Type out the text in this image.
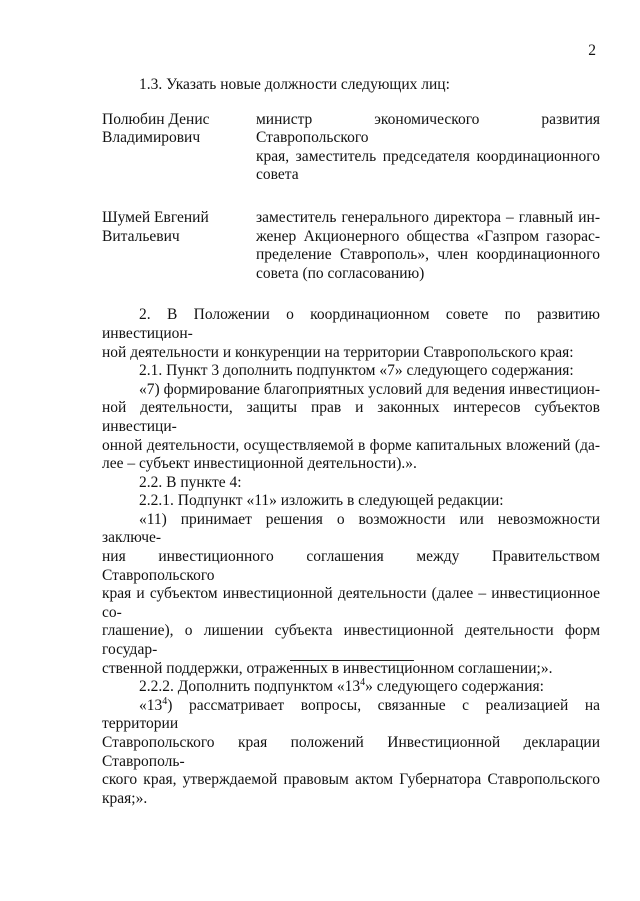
2

1.3. Указать новые должности следующих лиц:

Полюбин Денис
Владимирович
министр экономического развития Ставропольского
края, заместитель председателя координационного
совета
Шумей Евгений
Витальевич
заместитель генерального директора – главный ин-
женер Акционерного общества «Газпром газорас-
пределение Ставрополь», член координационного
совета (по согласованию)
2. В Положении о координационном совете по развитию инвестицион-
ной деятельности и конкуренции на территории Ставропольского края:

2.1. Пункт 3 дополнить подпунктом «7» следующего содержания:

«7) формирование благоприятных условий для ведения инвестицион-
ной деятельности, защиты прав и законных интересов субъектов инвестици-
онной деятельности, осуществляемой в форме капитальных вложений (да-
лее – субъект инвестиционной деятельности).».

2.2. В пункте 4:

2.2.1. Подпункт «11» изложить в следующей редакции:

«11) принимает решения о возможности или невозможности заключе-
ния инвестиционного соглашения между Правительством Ставропольского
края и субъектом инвестиционной деятельности (далее – инвестиционное со-
глашение), о лишении субъекта инвестиционной деятельности форм государ-
ственной поддержки, отраженных в инвестиционном соглашении;».

2.2.2. Дополнить подпунктом «$13^4$» следующего содержания:

«$13^4$) рассматривает вопросы, связанные с реализацией на территории
Ставропольского края положений Инвестиционной декларации Ставрополь-
ского края, утверждаемой правовым актом Губернатора Ставропольского
края;».
